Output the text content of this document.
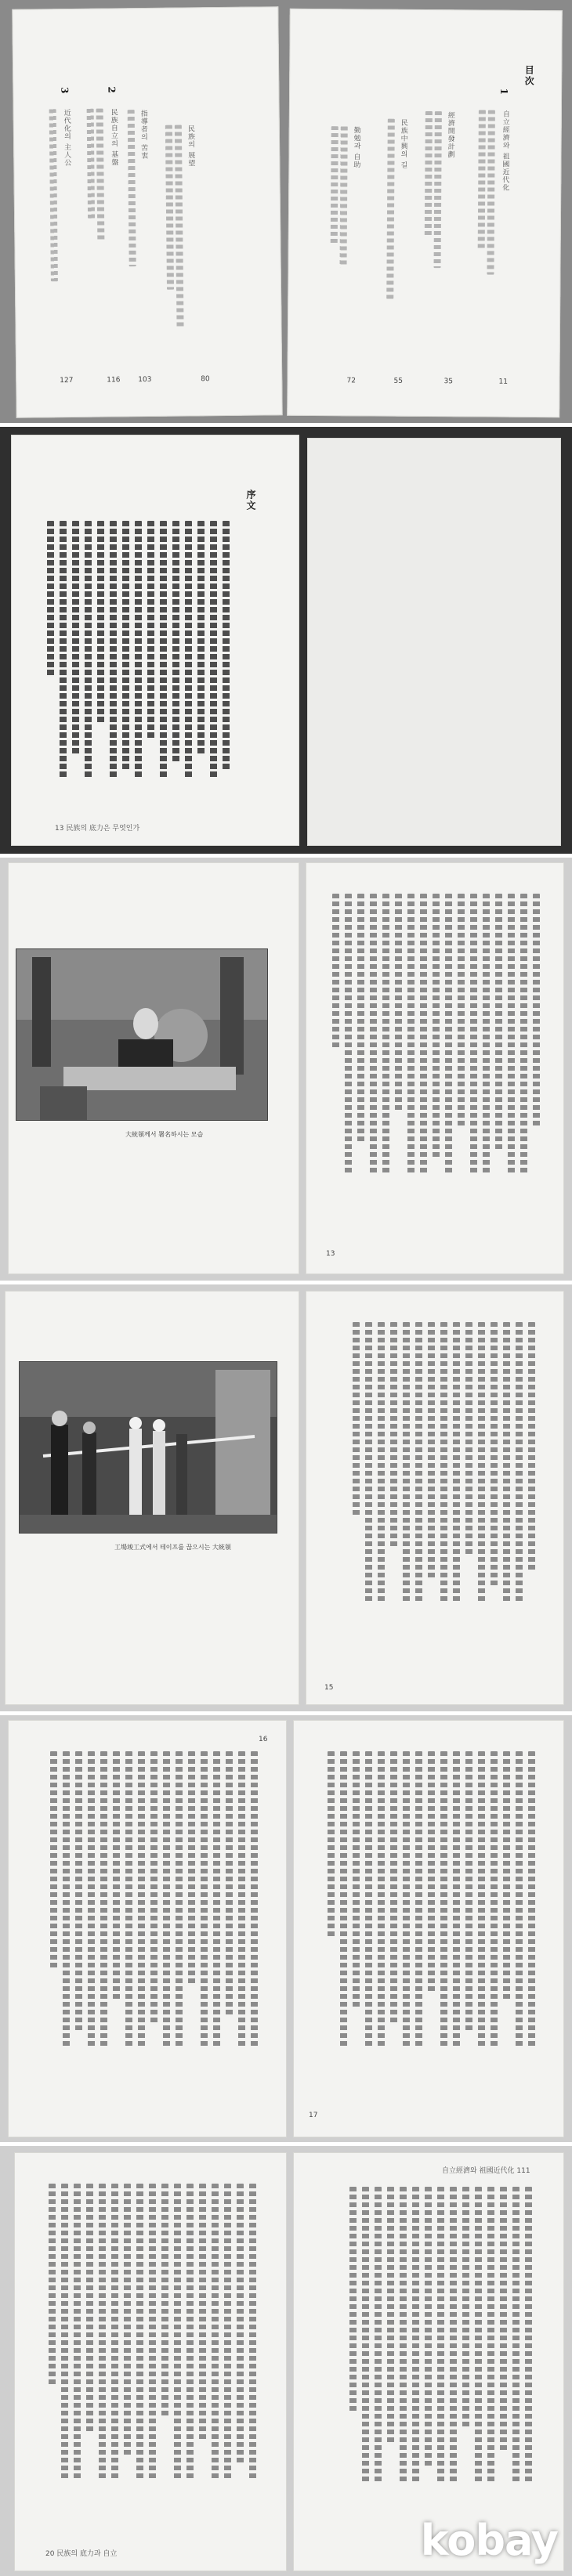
3
近代化의 主人公
127
2
民族自立의 基盤
116
指導者의 苦衷
103
民族의 展望
80
目次
1
自立經濟와 祖國近代化
11
經濟開發計劃
35
民族中興의 길
55
勤勉과 自助
72
序文
13 民族의 底力은 무엇인가
大統領께서 署名하시는 모습
13
工場竣工式에서 테이프를 끊으시는 大統領
15
16
17
20 民族의 底力과 自立
自立經濟와 祖國近代化 111
kobay
